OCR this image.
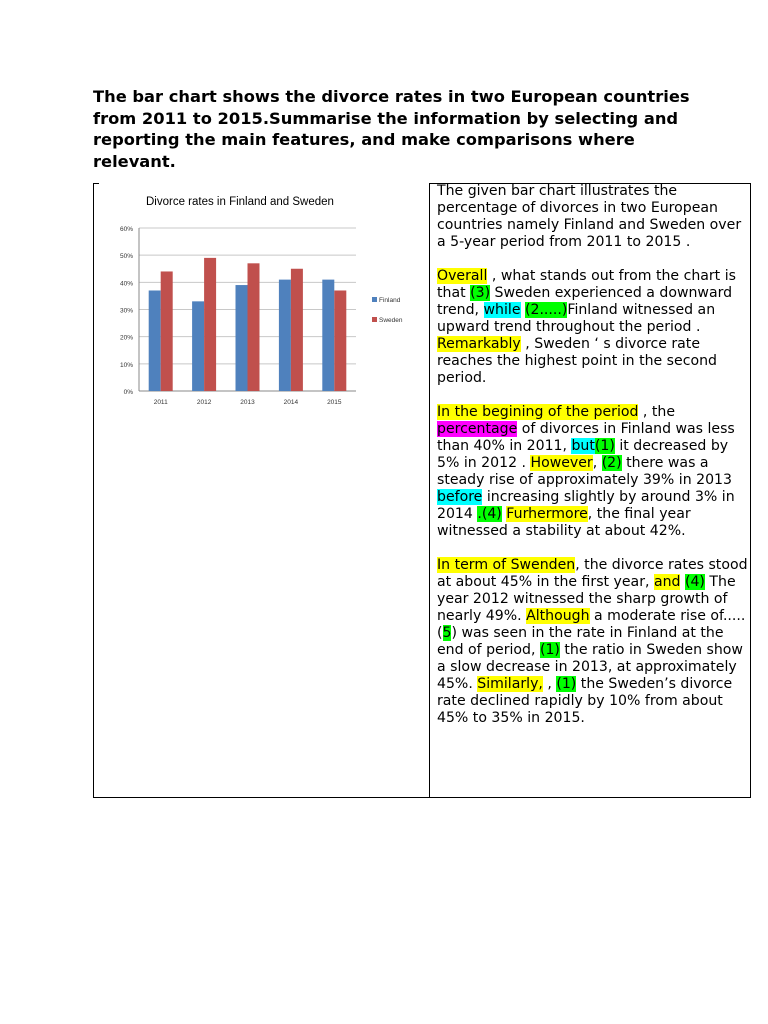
The bar chart shows the divorce rates in two European countries from 2011 to 2015.Summarise the information by selecting and reporting the main features, and make comparisons where relevant.
Divorce rates in Finland and Sweden
2011	2012	2013	2014	2015
0%
10%
20%
30%
40%
50%
60%
Finland
Sweden

The given bar chart illustrates the percentage of divorces in two European countries namely Finland and Sweden over a 5-year period from 2011 to 2015 .

Overall , what stands out from the chart is that (3) Sweden experienced a downward trend, while (2.....)Finland witnessed an upward trend throughout the period . Remarkably , Sweden ‘ s divorce rate reaches the highest point in the second period.

In the begining of the period , the percentage of divorces in Finland was less than 40% in 2011, but(1) it decreased by 5% in 2012 . However, (2) there was a steady rise of approximately 39% in 2013 before increasing slightly by around 3% in 2014 .(4) Furhermore, the final year witnessed a stability at about 42%.

In term of Swenden, the divorce rates stood at about 45% in the first year, and (4) The year 2012 witnessed the sharp growth of nearly 49%. Although a moderate rise of.....(5) was seen in the rate in Finland at the end of period, (1) the ratio in Sweden show a slow decrease in 2013, at approximately 45%. Similarly, , (1) the Sweden’s divorce rate declined rapidly by 10% from about 45% to 35% in 2015.
